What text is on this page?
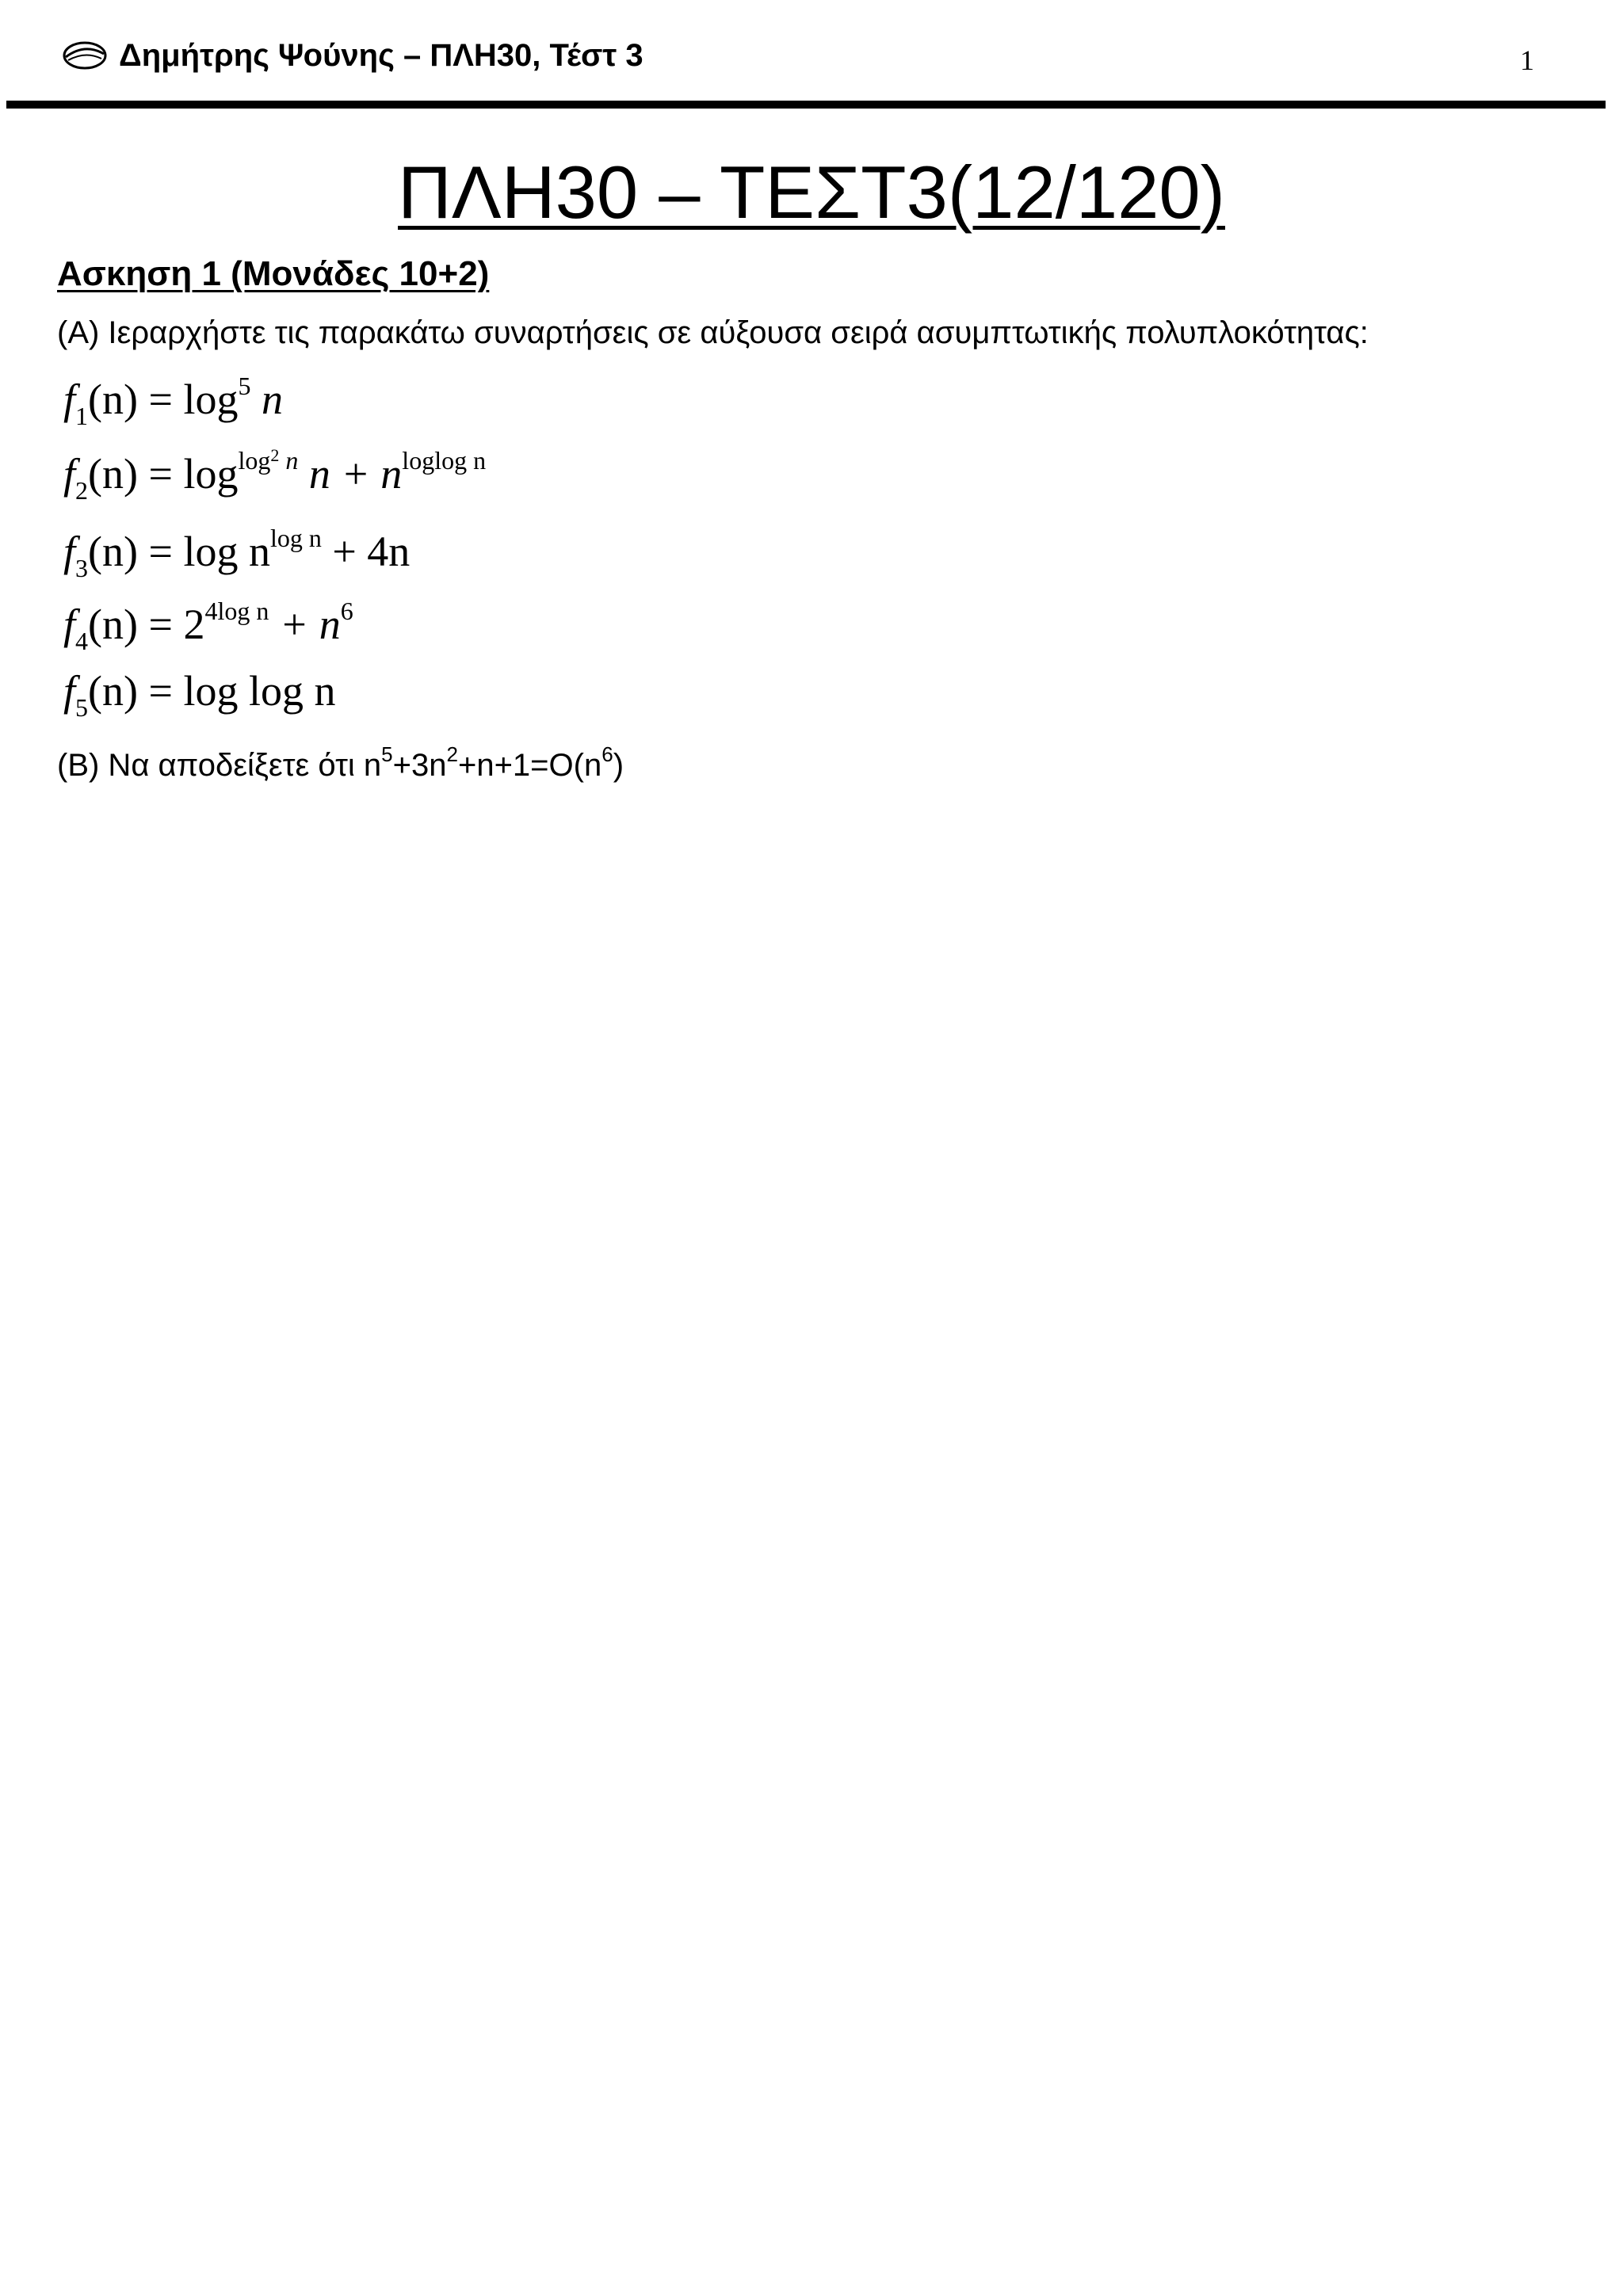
Δημήτρης Ψούνης – ΠΛΗ30, Τέστ 3	1
ΠΛΗ30 – ΤΕΣΤ3(12/120)
Ασκηση 1 (Μονάδες 10+2)
(Α) Ιεραρχήστε τις παρακάτω συναρτήσεις σε αύξουσα σειρά ασυμπτωτικής πολυπλοκότητας:
$f_1(n) = \log^5 n$
$f_2(n) = \log^{log^2 n} n + n^{loglog n}$
$f_3(n) = \log n^{log n} + 4n$
$f_4(n) = 2^{4log n} + n^6$
$f_5(n) = \log \log n$
(Β) Να αποδείξετε ότι $n^5+3n^2+n+1=O(n^6)$
